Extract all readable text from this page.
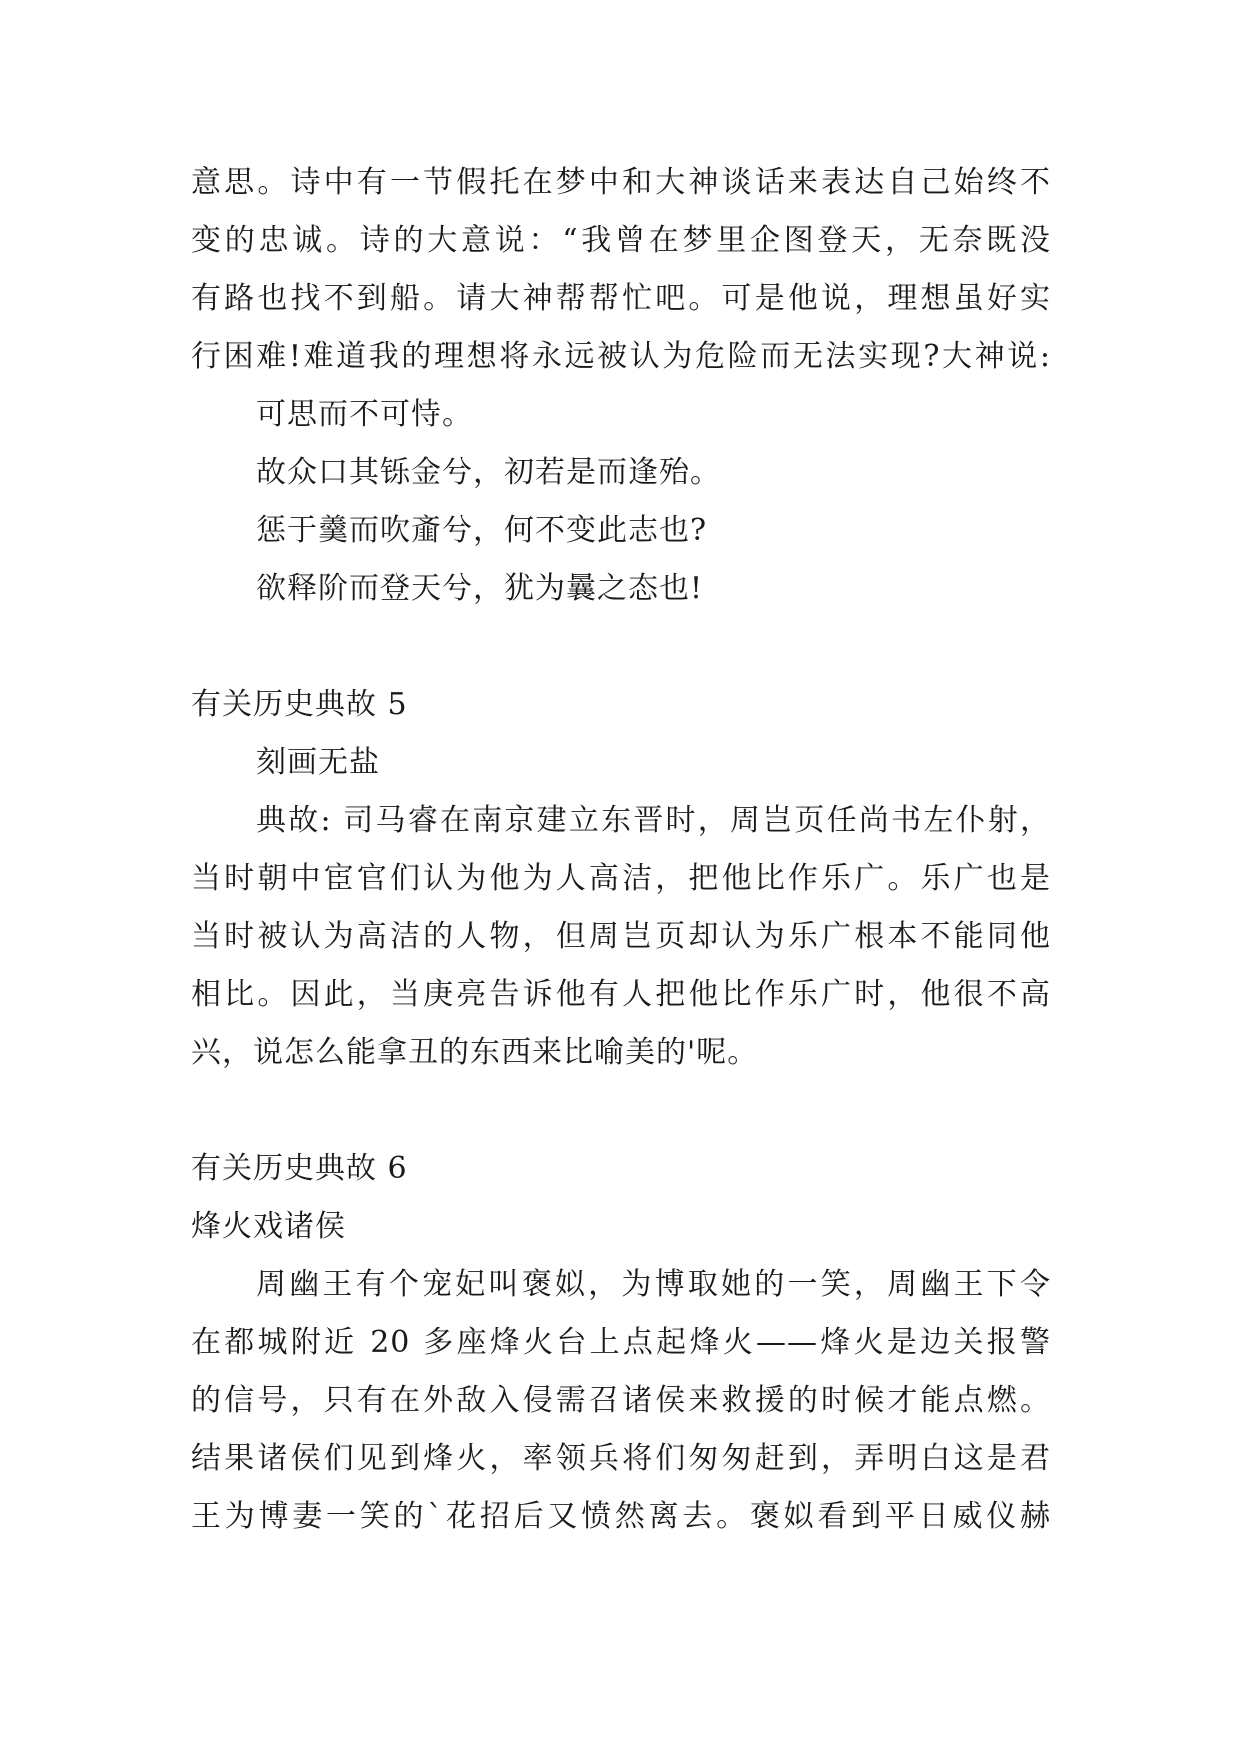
意思。诗中有一节假托在梦中和大神谈话来表达自己始终不
变的忠诚。诗的大意说：“我曾在梦里企图登天，无奈既没
有路也找不到船。请大神帮帮忙吧。可是他说，理想虽好实
行困难!难道我的理想将永远被认为危险而无法实现?大神说:
可思而不可恃。
故众口其铄金兮，初若是而逢殆。
惩于羹而吹齑兮，何不变此志也?
欲释阶而登天兮，犹为曩之态也!
有关历史典故 5
刻画无盐
典故: 司马睿在南京建立东晋时，周岂页任尚书左仆射，
当时朝中宦官们认为他为人高洁，把他比作乐广。乐广也是
当时被认为高洁的人物，但周岂页却认为乐广根本不能同他
相比。因此，当庚亮告诉他有人把他比作乐广时，他很不高
兴，说怎么能拿丑的东西来比喻美的'呢。
有关历史典故 6
烽火戏诸侯
周幽王有个宠妃叫褒姒，为博取她的一笑，周幽王下令
在都城附近 20 多座烽火台上点起烽火——烽火是边关报警
的信号，只有在外敌入侵需召诸侯来救援的时候才能点燃。
结果诸侯们见到烽火，率领兵将们匆匆赶到，弄明白这是君
王为博妻一笑的`花招后又愤然离去。褒姒看到平日威仪赫
